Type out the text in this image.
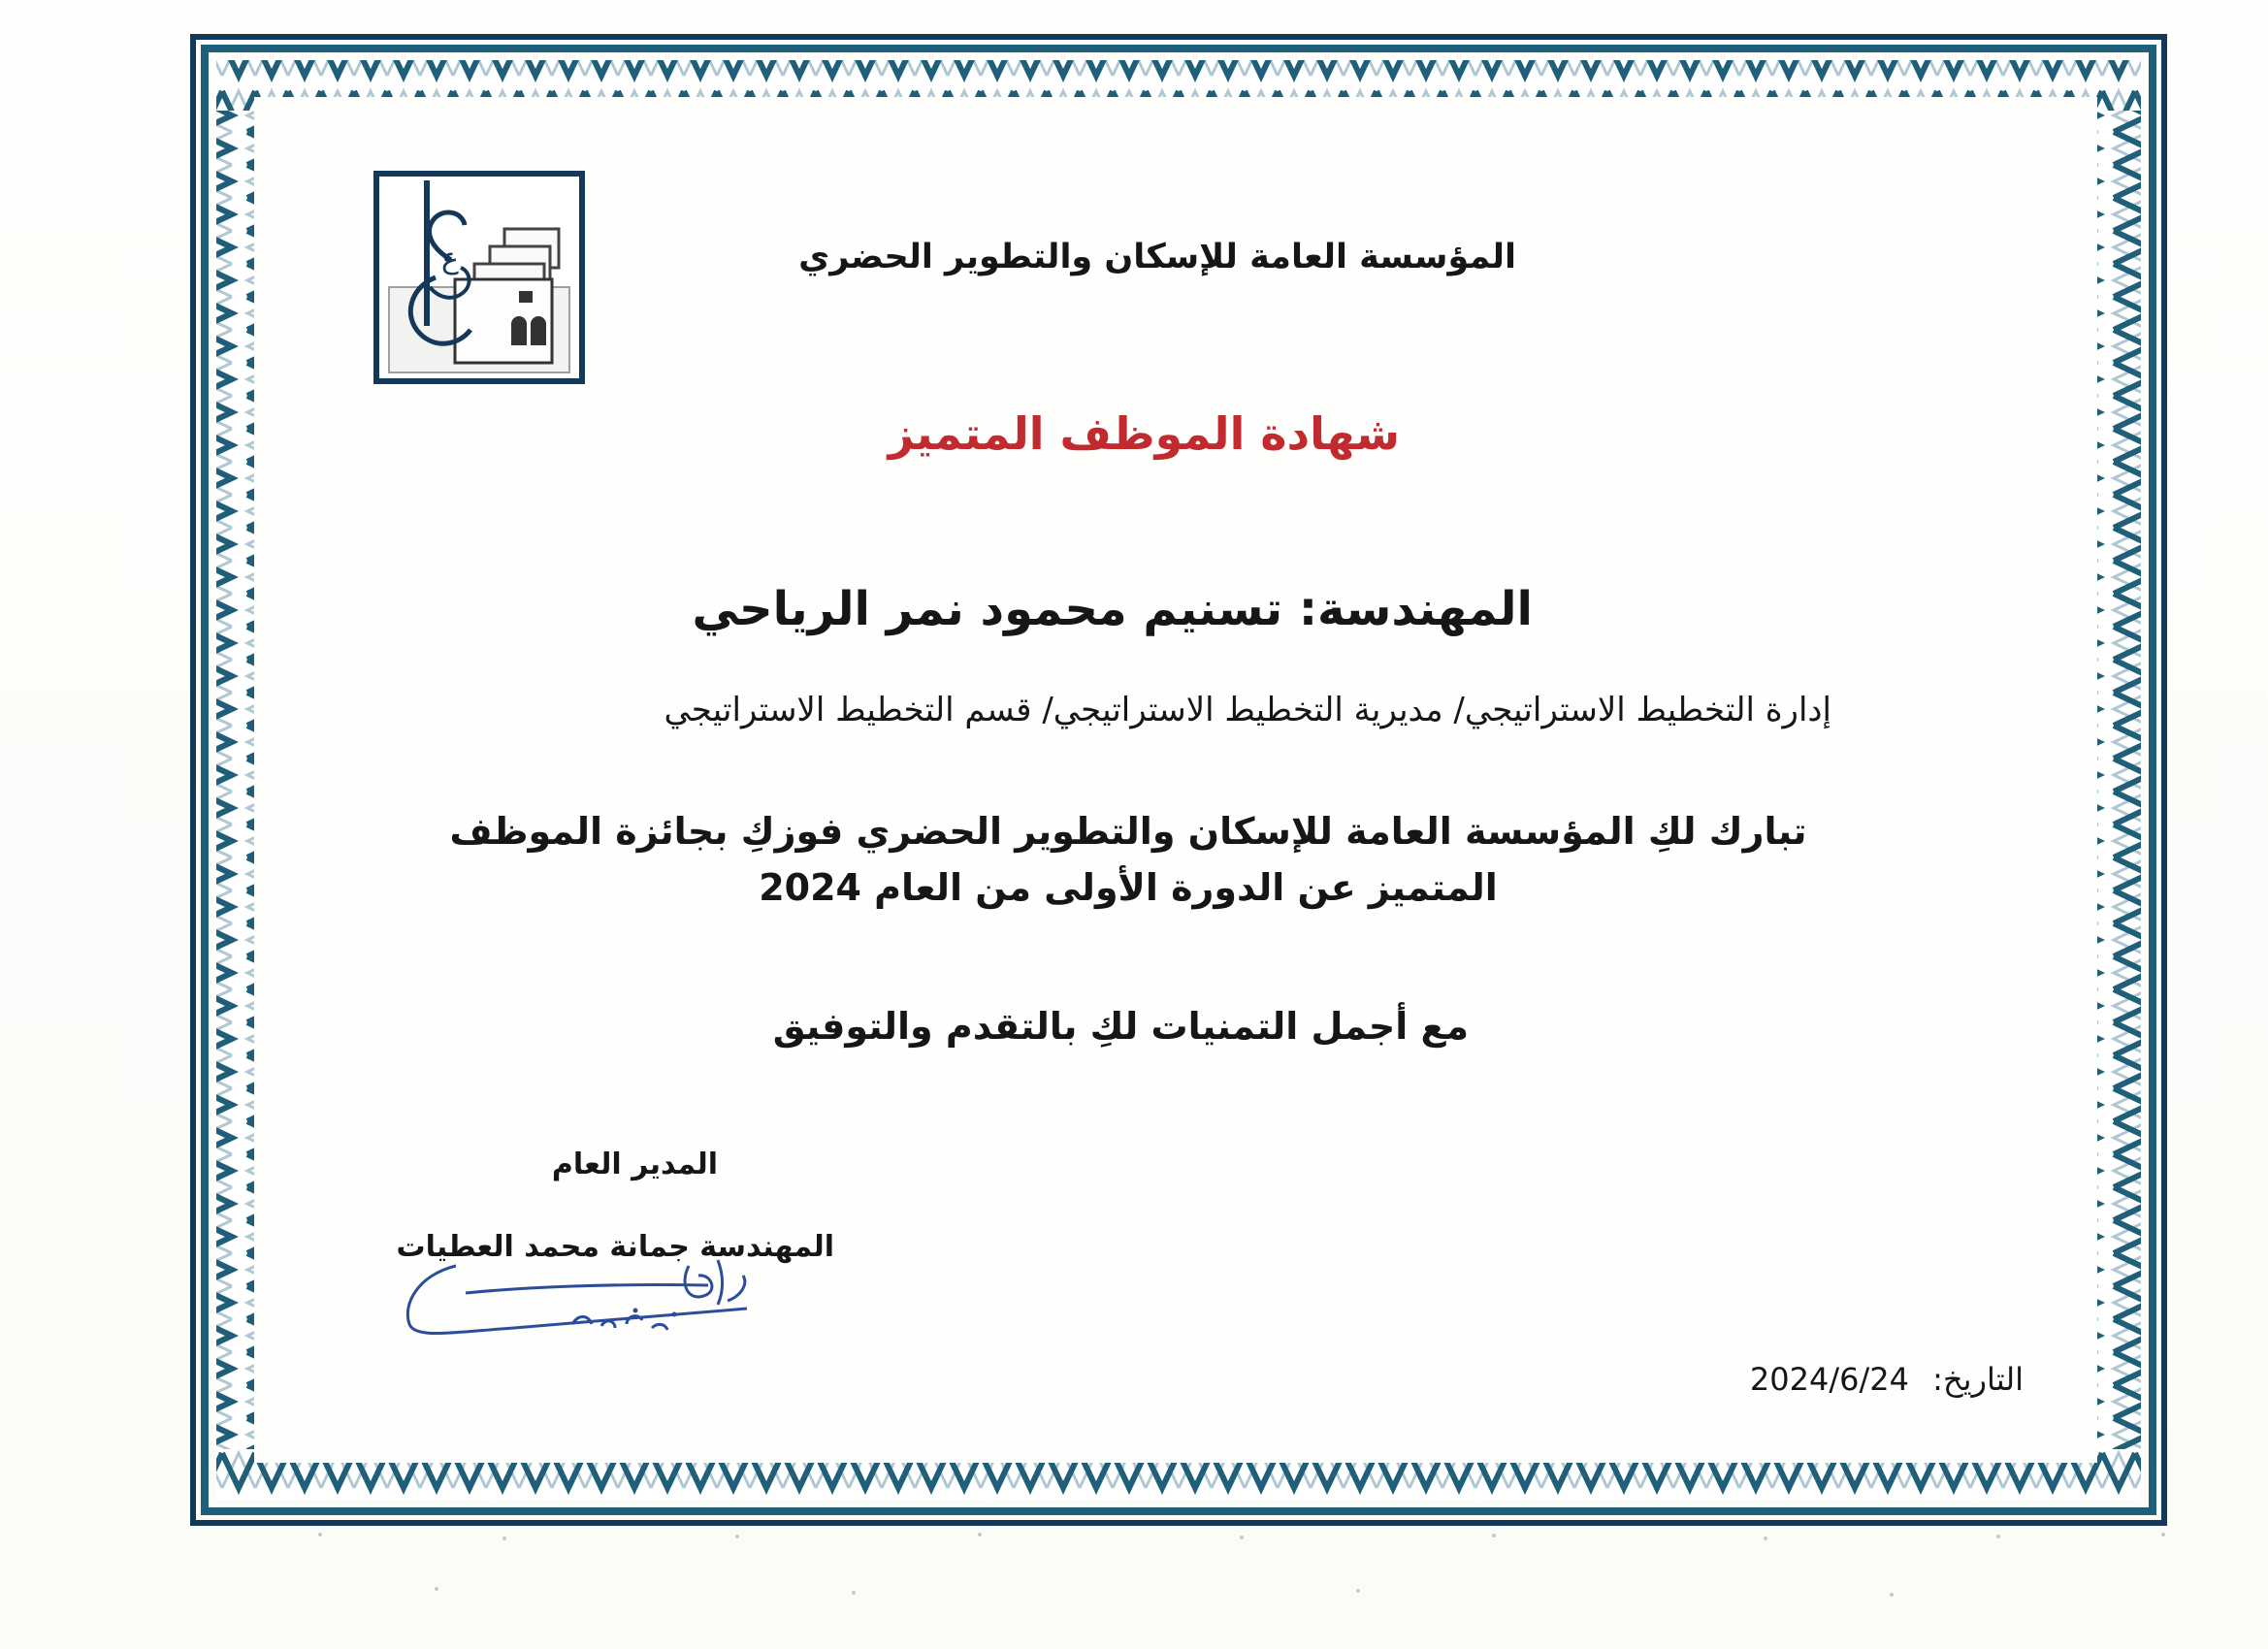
ع	المؤسسة العامة للإسكان والتطوير الحضري
شهادة الموظف المتميز
المهندسة: تسنيم محمود نمر الرياحي
إدارة التخطيط الاستراتيجي/ مديرية التخطيط الاستراتيجي/ قسم التخطيط الاستراتيجي
تبارك لكِ المؤسسة العامة للإسكان والتطوير الحضري فوزكِ بجائزة الموظف المتميز عن الدورة الأولى من العام 2024
مع أجمل التمنيات لكِ بالتقدم والتوفيق
المدير العام
المهندسة جمانة محمد العطيات
التاريخ: 2024/6/24
